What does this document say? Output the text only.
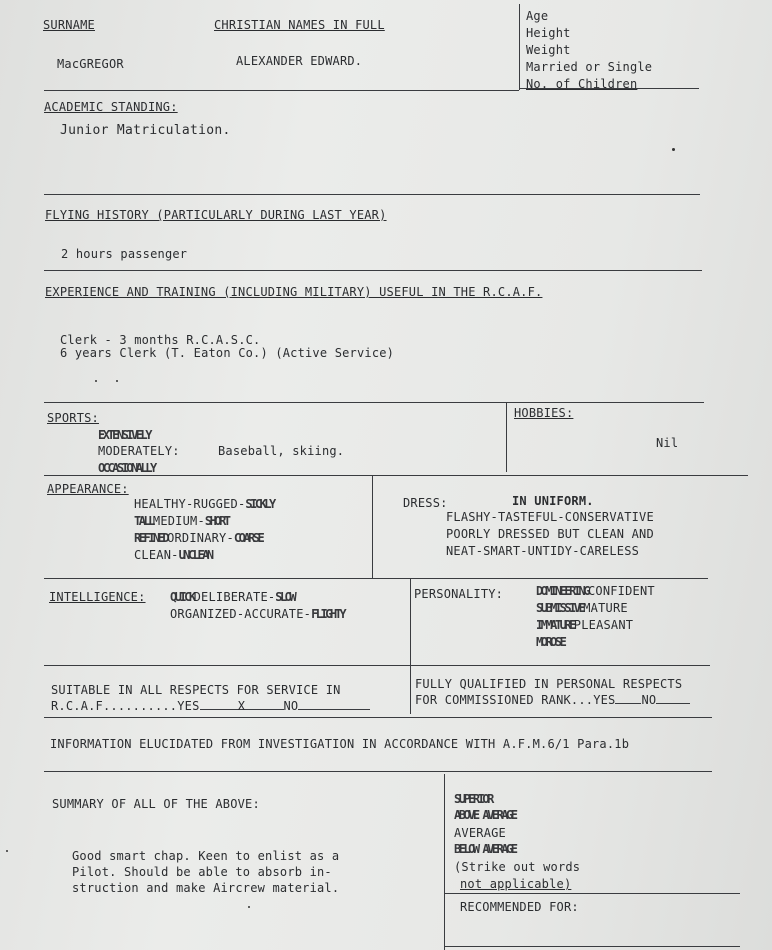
SURNAME	CHRISTIAN NAMES IN FULL
MacGREGOR	ALEXANDER EDWARD.
Age
Height
Weight
Married or Single
No. of Children
ACADEMIC STANDING:
Junior Matriculation.
FLYING HISTORY (PARTICULARLY DURING LAST YEAR)
2 hours passenger
EXPERIENCE AND TRAINING (INCLUDING MILITARY) USEFUL IN THE R.C.A.F.
Clerk - 3 months R.C.A.S.C.
6 years Clerk (T. Eaton Co.) (Active Service)
SPORTS:
EXTENSIVELY
MODERATELY:	Baseball, skiing.
OCCASIONALLY
HOBBIES:
Nil
APPEARANCE:
HEALTHY-RUGGED-SICKLY
TALLMEDIUM-SHORT
REFINEDORDINARY-COARSE
CLEAN-UNCLEAN
DRESS:	IN UNIFORM.
FLASHY-TASTEFUL-CONSERVATIVE
POORLY DRESSED BUT CLEAN AND
NEAT-SMART-UNTIDY-CARELESS
INTELLIGENCE: QUICKDELIBERATE-SLOW
ORGANIZED-ACCURATE-FLIGHTY
PERSONALITY:	DOMINEERINGCONFIDENT
SUBMISSIVEMATURE
IMMATUREPLEASANT
MOROSE
SUITABLE IN ALL RESPECTS FOR SERVICE IN
R.C.A.F..........YES	X	NO
FULLY QUALIFIED IN PERSONAL RESPECTS
FOR COMMISSIONED RANK...YES NO
INFORMATION ELUCIDATED FROM INVESTIGATION IN ACCORDANCE WITH A.F.M.6/1 Para.1b
SUMMARY OF ALL OF THE ABOVE:
Good smart chap. Keen to enlist as a
Pilot. Should be able to absorb in-
struction and make Aircrew material.
SUPERIOR
ABOVE AVERAGE
AVERAGE
BELOW AVERAGE
(Strike out words
not applicable)
RECOMMENDED FOR:
